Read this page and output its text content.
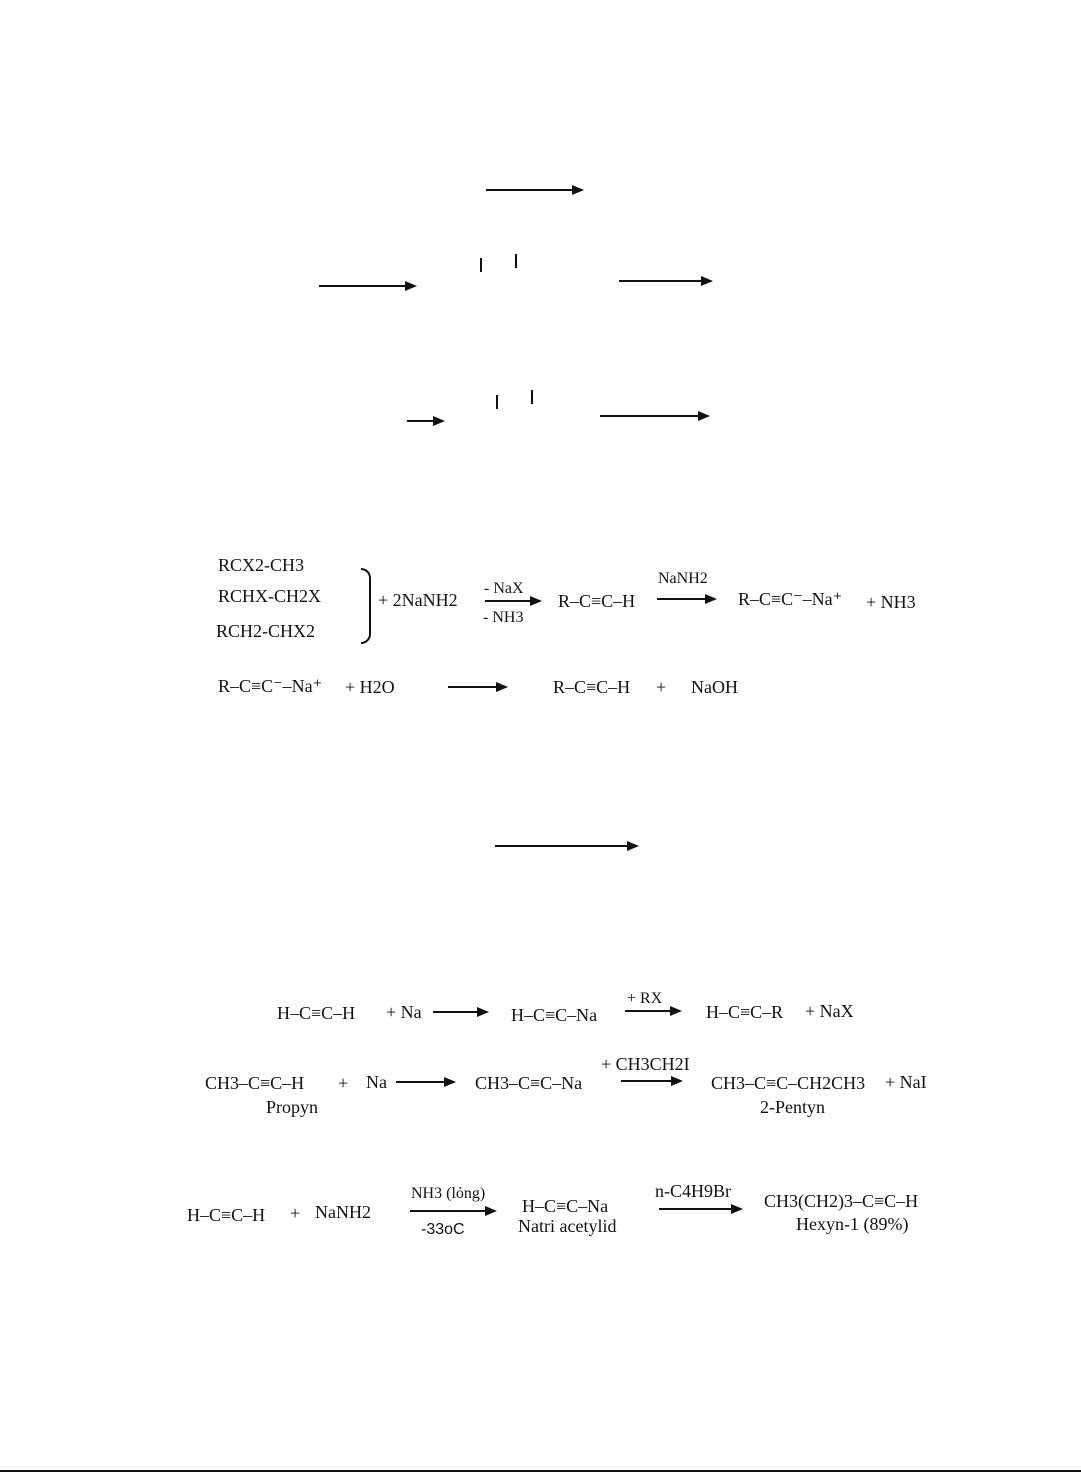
RCX2-CH3
RCHX-CH2X
RCH2-CHX2
+ 2NaNH2
- NaX
- NH3
R–C≡C–H
NaNH2
→ R–C≡C⁻–Na⁺ + NH3
R–C≡C⁻–Na⁺ + H2O	R–C≡C–H + NaOH
H–C≡C–H + Na → H–C≡C–Na
+ RX
H–C≡C–R + NaX
CH3–C≡C–H + Na
Propyn
→ CH3–C≡C–Na
+ CH3CH2I
CH3–C≡C–CH2CH3 + NaI
2-Pentyn
H–C≡C–H + NaNH2
NH3 (lỏng)
-33oC
H–C≡C–Na
Natri acetylid
n-C4H9Br CH3(CH2)3–C≡C–H
Hexyn-1 (89%)
